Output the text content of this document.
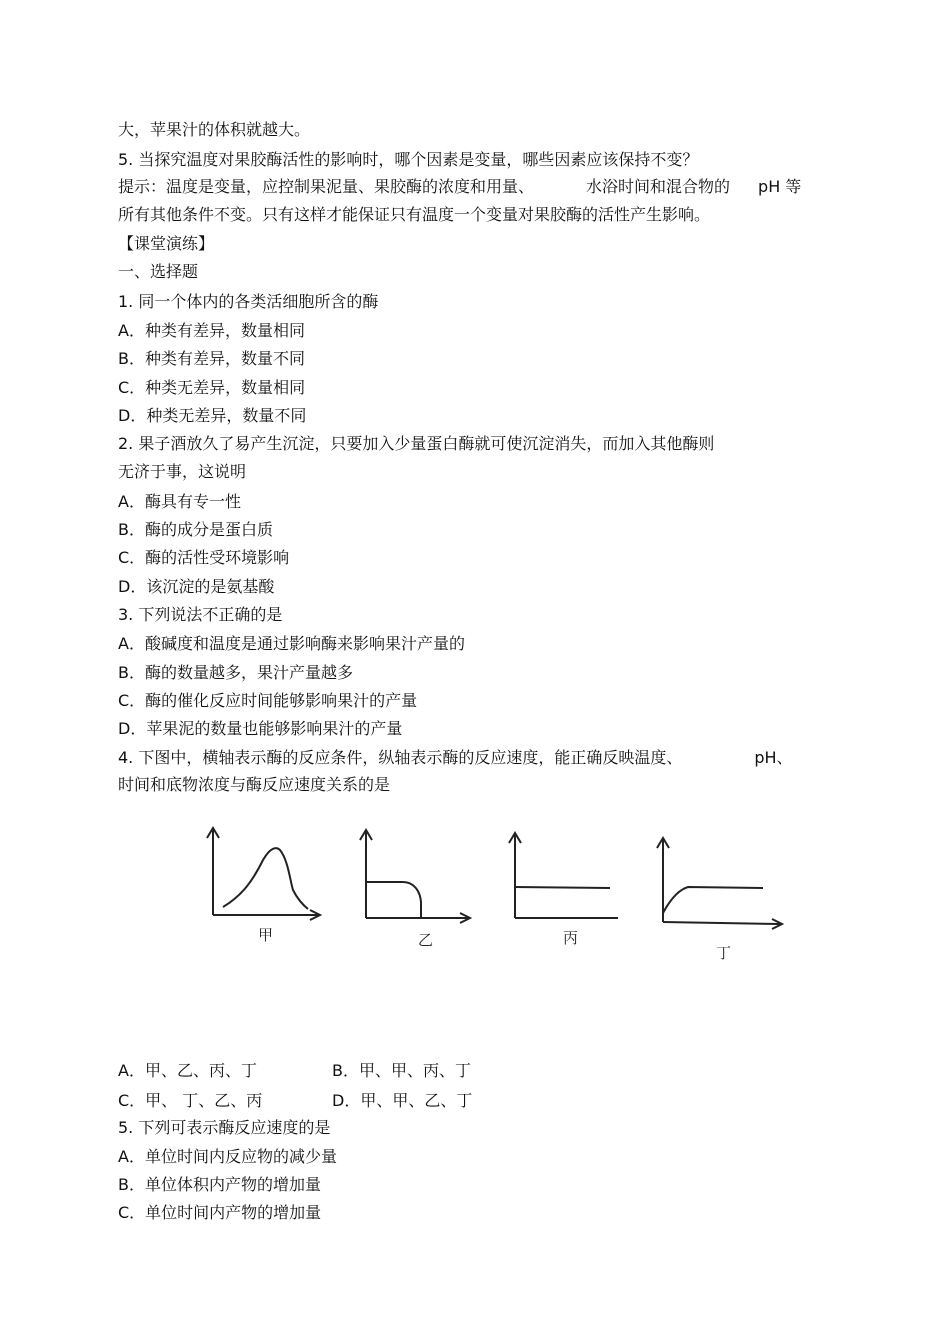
大，苹果汁的体积就越大。
5. 当探究温度对果胶酶活性的影响时，哪个因素是变量，哪些因素应该保持不变？
提示：温度是变量，应控制果泥量、果胶酶的浓度和用量、	水浴时间和混合物的 pH 等
所有其他条件不变。只有这样才能保证只有温度一个变量对果胶酶的活性产生影响。
【课堂演练】
一、选择题
1. 同一个体内的各类活细胞所含的酶
A．种类有差异，数量相同
B．种类有差异，数量不同
C．种类无差异，数量相同
D．种类无差异，数量不同
2. 果子酒放久了易产生沉淀，只要加入少量蛋白酶就可使沉淀消失，而加入其他酶则
无济于事，这说明
A．酶具有专一性
B．酶的成分是蛋白质
C．酶的活性受环境影响
D．该沉淀的是氨基酸
3. 下列说法不正确的是
A．酸碱度和温度是通过影响酶来影响果汁产量的
B．酶的数量越多，果汁产量越多
C．酶的催化反应时间能够影响果汁的产量
D．苹果泥的数量也能够影响果汁的产量
4. 下图中，横轴表示酶的反应条件，纵轴表示酶的反应速度，能正确反映温度、	pH、
时间和底物浓度与酶反应速度关系的是
甲	乙	丙
丁
A．甲、乙、丙、丁	B．甲、甲、丙、丁
C．甲、 丁、乙、丙	D．甲、甲、乙、丁
5. 下列可表示酶反应速度的是
A．单位时间内反应物的减少量
B．单位体积内产物的增加量
C．单位时间内产物的增加量
